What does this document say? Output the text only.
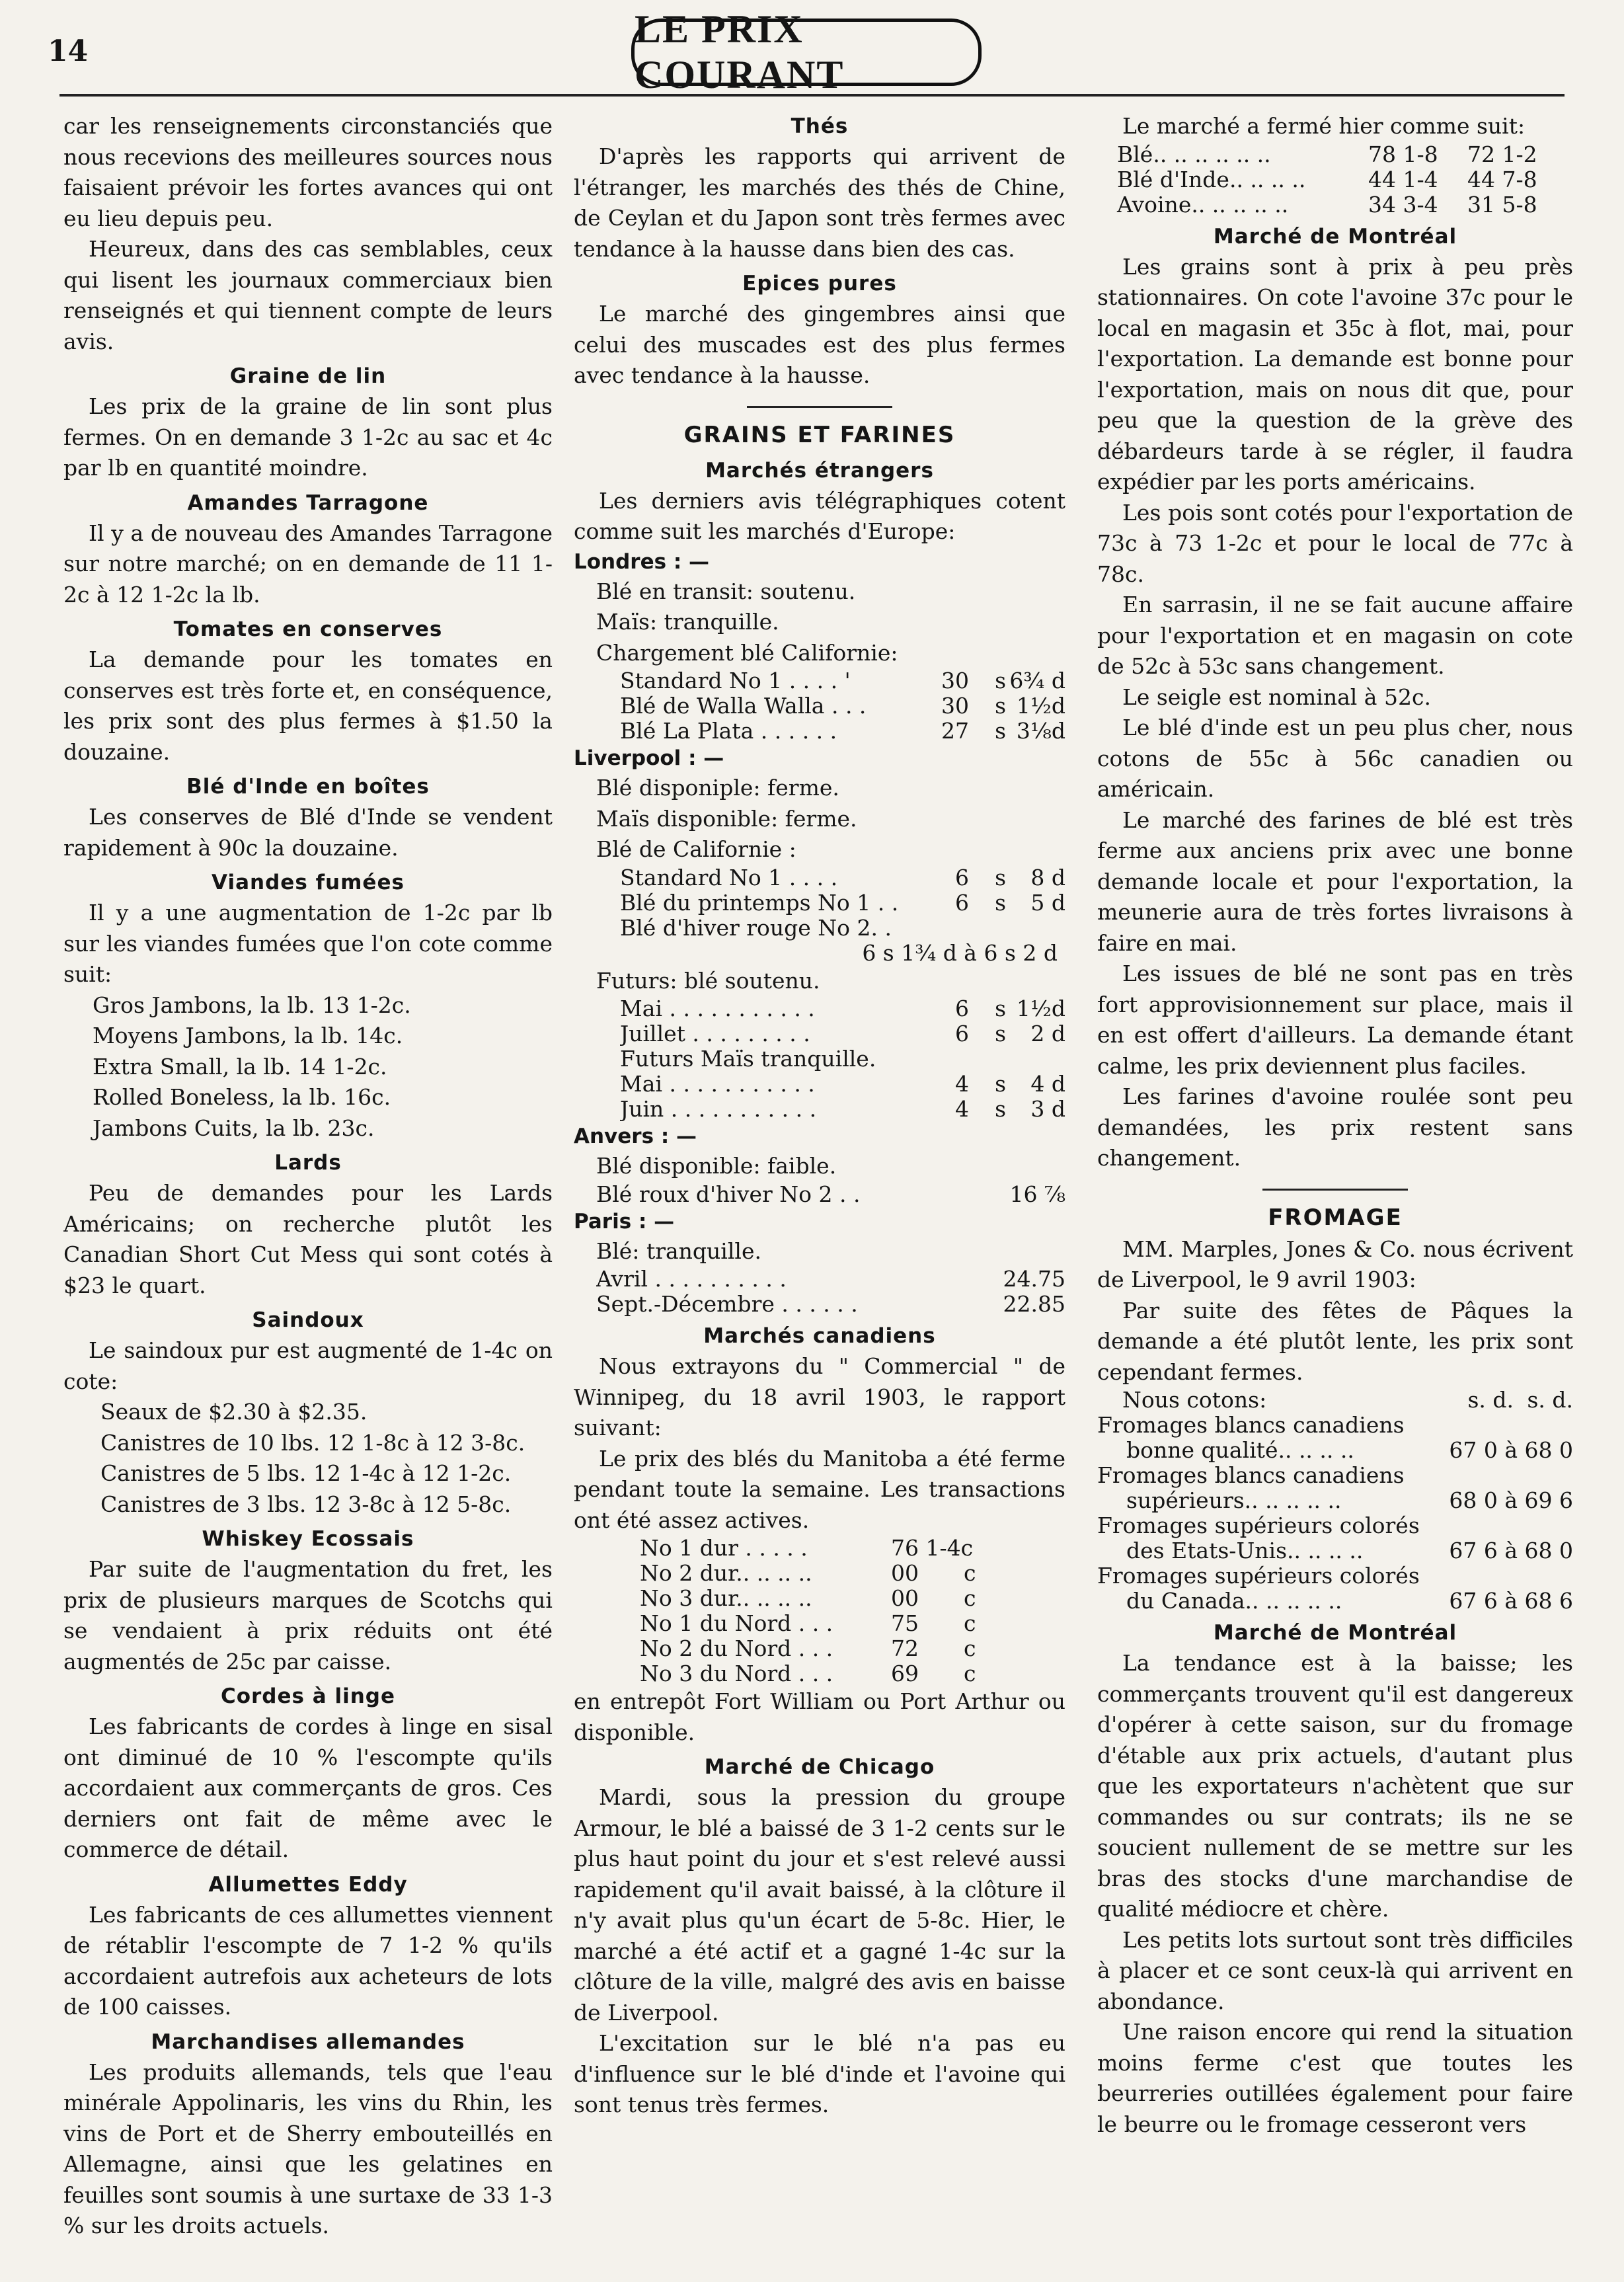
14
LE PRIX COURANT

car les renseignements circonstanciés que nous recevions des meilleures sources nous faisaient prévoir les fortes avances qui ont eu lieu depuis peu.

Heureux, dans des cas semblables, ceux qui lisent les journaux commerciaux bien renseignés et qui tiennent compte de leurs avis.

Graine de lin

Les prix de la graine de lin sont plus fermes. On en demande 3 1-2c au sac et 4c par lb en quantité moindre.

Amandes Tarragone

Il y a de nouveau des Amandes Tarragone sur notre marché; on en demande de 11 1-2c à 12 1-2c la lb.

Tomates en conserves

La demande pour les tomates en conserves est très forte et, en conséquence, les prix sont des plus fermes à $1.50 la douzaine.

Blé d'Inde en boîtes

Les conserves de Blé d'Inde se vendent rapidement à 90c la douzaine.

Viandes fumées

Il y a une augmentation de 1-2c par lb sur les viandes fumées que l'on cote comme suit:

Gros Jambons, la lb. 13 1-2c.
Moyens Jambons, la lb. 14c.
Extra Small, la lb. 14 1-2c.
Rolled Boneless, la lb. 16c.
Jambons Cuits, la lb. 23c.
Lards

Peu de demandes pour les Lards Américains; on recherche plutôt les Canadian Short Cut Mess qui sont cotés à $23 le quart.

Saindoux

Le saindoux pur est augmenté de 1-4c on cote:

Seaux de $2.30 à $2.35.
Canistres de 10 lbs. 12 1-8c à 12 3-8c.
Canistres de 5 lbs. 12 1-4c à 12 1-2c.
Canistres de 3 lbs. 12 3-8c à 12 5-8c.
Whiskey Ecossais

Par suite de l'augmentation du fret, les prix de plusieurs marques de Scotchs qui se vendaient à prix réduits ont été augmentés de 25c par caisse.

Cordes à linge

Les fabricants de cordes à linge en sisal ont diminué de 10 % l'escompte qu'ils accordaient aux commerçants de gros. Ces derniers ont fait de même avec le commerce de détail.

Allumettes Eddy

Les fabricants de ces allumettes viennent de rétablir l'escompte de 7 1-2 % qu'ils accordaient autrefois aux acheteurs de lots de 100 caisses.

Marchandises allemandes

Les produits allemands, tels que l'eau minérale Appolinaris, les vins du Rhin, les vins de Port et de Sherry embouteillés en Allemagne, ainsi que les gelatines en feuilles sont soumis à une surtaxe de 33 1-3 % sur les droits actuels.

Thés

D'après les rapports qui arrivent de l'étranger, les marchés des thés de Chine, de Ceylan et du Japon sont très fermes avec tendance à la hausse dans bien des cas.

Epices pures

Le marché des gingembres ainsi que celui des muscades est des plus fermes avec tendance à la hausse.

GRAINS ET FARINES
Marchés étrangers

Les derniers avis télégraphiques cotent comme suit les marchés d'Europe:

Londres : —
Blé en transit: soutenu.
Maïs: tranquille.
Chargement blé Californie:
Standard No 1 . . . . '	30	s 6¾ d
Blé de Walla Walla . . .	30	s 1½d
Blé La Plata . . . . . .	27	s 3⅛d
Liverpool : —
Blé disponiple: ferme.
Maïs disponible: ferme.
Blé de Californie :
Standard No 1 . . . .	6	s	8 d
Blé du printemps No 1 . .	6	s	5 d
Blé d'hiver rouge No 2. .
6 s 1¾ d à 6 s 2 d
Futurs: blé soutenu.
Mai . . . . . . . . . . .	6	s 1½d
Juillet . . . . . . . . .	6	s	2 d
Futurs Maïs tranquille.
Mai . . . . . . . . . . .	4	s	4 d
Juin . . . . . . . . . . .	4	s	3 d
Anvers : —
Blé disponible: faible.
Blé roux d'hiver No 2 . .	16 ⅞
Paris : —
Blé: tranquille.
Avril . . . . . . . . . .	24.75
Sept.-Décembre . . . . . .	22.85
Marchés canadiens

Nous extrayons du " Commercial " de Winnipeg, du 18 avril 1903, le rapport suivant:

Le prix des blés du Manitoba a été ferme pendant toute la semaine. Les transactions ont été assez actives.

No 1 dur . . . . .	76 1-4c
No 2 dur.. .. .. ..	00	c
No 3 dur.. .. .. ..	00	c
No 1 du Nord . . .	75	c
No 2 du Nord . . .	72	c
No 3 du Nord . . .	69	c

en entrepôt Fort William ou Port Arthur ou disponible.

Marché de Chicago

Mardi, sous la pression du groupe Armour, le blé a baissé de 3 1-2 cents sur le plus haut point du jour et s'est relevé aussi rapidement qu'il avait baissé, à la clôture il n'y avait plus qu'un écart de 5-8c. Hier, le marché a été actif et a gagné 1-4c sur la clôture de la ville, malgré des avis en baisse de Liverpool.

L'excitation sur le blé n'a pas eu d'influence sur le blé d'inde et l'avoine qui sont tenus très fermes.

Le marché a fermé hier comme suit:

Blé.. .. .. .. .. ..	78 1-8	72 1-2
Blé d'Inde.. .. .. ..	44 1-4	44 7-8
Avoine.. .. .. .. ..	34 3-4	31 5-8
Marché de Montréal

Les grains sont à prix à peu près stationnaires. On cote l'avoine 37c pour le local en magasin et 35c à flot, mai, pour l'exportation. La demande est bonne pour l'exportation, mais on nous dit que, pour peu que la question de la grève des débardeurs tarde à se régler, il faudra expédier par les ports américains.

Les pois sont cotés pour l'exportation de 73c à 73 1-2c et pour le local de 77c à 78c.

En sarrasin, il ne se fait aucune affaire pour l'exportation et en magasin on cote de 52c à 53c sans changement.

Le seigle est nominal à 52c.

Le blé d'inde est un peu plus cher, nous cotons de 55c à 56c canadien ou américain.

Le marché des farines de blé est très ferme aux anciens prix avec une bonne demande locale et pour l'exportation, la meunerie aura de très fortes livraisons à faire en mai.

Les issues de blé ne sont pas en très fort approvisionnement sur place, mais il en est offert d'ailleurs. La demande étant calme, les prix deviennent plus faciles.

Les farines d'avoine roulée sont peu demandées, les prix restent sans changement.

FROMAGE

MM. Marples, Jones & Co. nous écrivent de Liverpool, le 9 avril 1903:

Par suite des fêtes de Pâques la demande a été plutôt lente, les prix sont cependant fermes.

Nous cotons:	s. d. s. d.
Fromages blancs canadiens
bonne qualité.. .. .. ..	67 0 à 68 0
Fromages blancs canadiens
supérieurs.. .. .. .. ..	68 0 à 69 6
Fromages supérieurs colorés
des Etats-Unis.. .. .. ..	67 6 à 68 0
Fromages supérieurs colorés
du Canada.. .. .. .. ..	67 6 à 68 6
Marché de Montréal

La tendance est à la baisse; les commerçants trouvent qu'il est dangereux d'opérer à cette saison, sur du fromage d'étable aux prix actuels, d'autant plus que les exportateurs n'achètent que sur commandes ou sur contrats; ils ne se soucient nullement de se mettre sur les bras des stocks d'une marchandise de qualité médiocre et chère.

Les petits lots surtout sont très difficiles à placer et ce sont ceux-là qui arrivent en abondance.

Une raison encore qui rend la situation moins ferme c'est que toutes les beurreries outillées également pour faire le beurre ou le fromage cesseront vers
